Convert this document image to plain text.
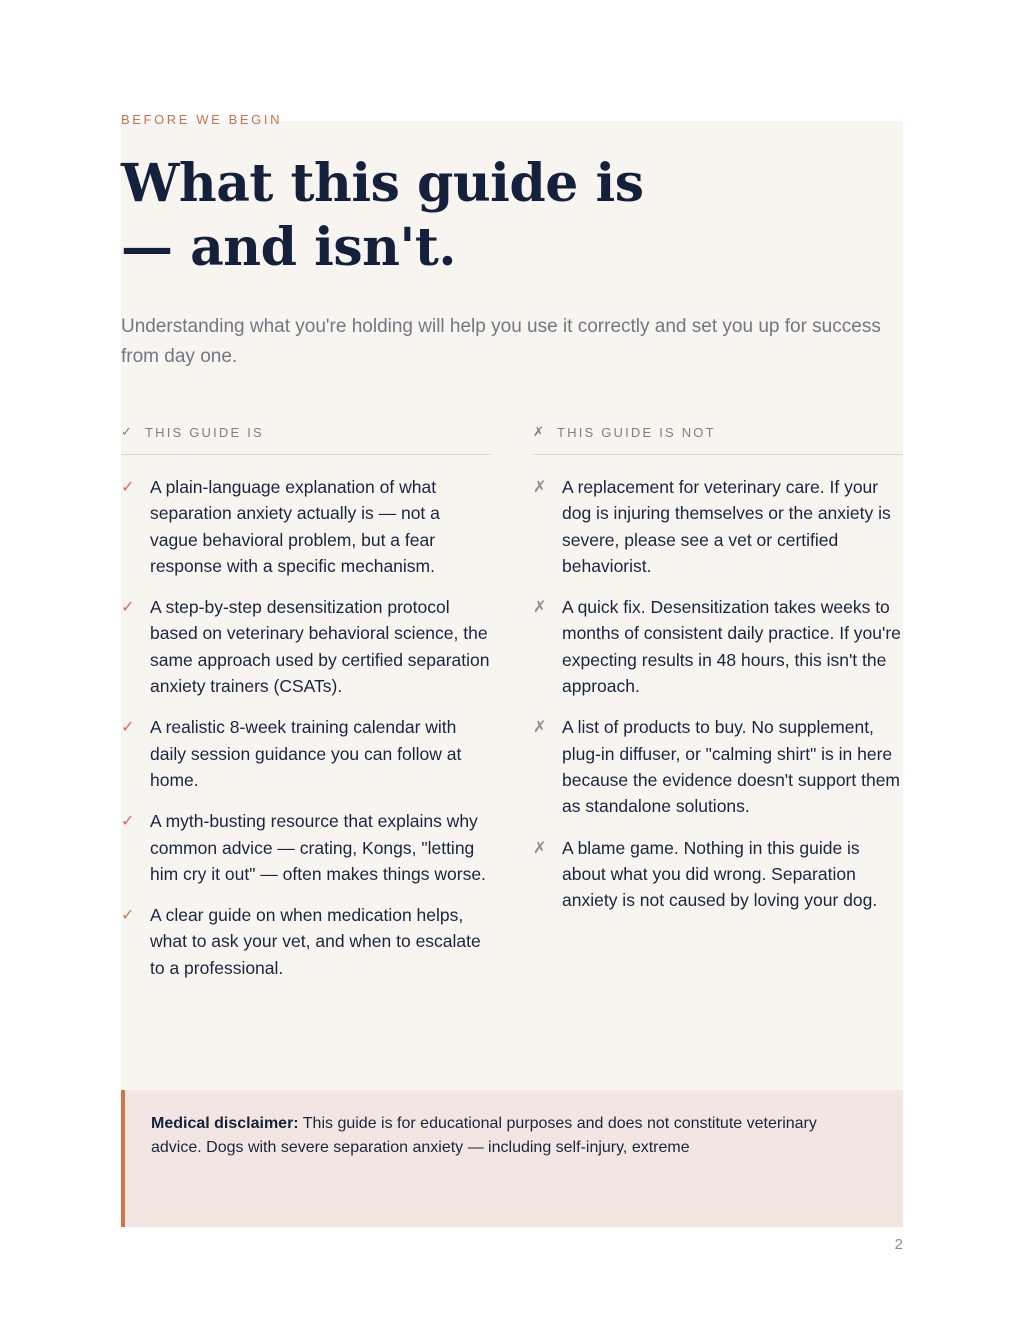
BEFORE WE BEGIN
What this guide is
— and isn't.

Understanding what you're holding will help you use it correctly and set you up for success from day one.

✓	THIS GUIDE IS
✓ A plain-language explanation of what separation anxiety actually is — not a vague behavioral problem, but a fear response with a specific mechanism.
✓ A step-by-step desensitization protocol based on veterinary behavioral science, the same approach used by certified separation anxiety trainers (CSATs).
✓ A realistic 8-week training calendar with daily session guidance you can follow at home.
✓ A myth-busting resource that explains why common advice — crating, Kongs, "letting him cry it out" — often makes things worse.
✓ A clear guide on when medication helps, what to ask your vet, and when to escalate to a professional.
✗	THIS GUIDE IS NOT
✗ A replacement for veterinary care. If your dog is injuring themselves or the anxiety is severe, please see a vet or certified behaviorist.
✗ A quick fix. Desensitization takes weeks to months of consistent daily practice. If you're expecting results in 48 hours, this isn't the approach.
✗ A list of products to buy. No supplement, plug-in diffuser, or "calming shirt" is in here because the evidence doesn't support them as standalone solutions.
✗ A blame game. Nothing in this guide is about what you did wrong. Separation anxiety is not caused by loving your dog.
Medical disclaimer: This guide is for educational purposes and does not constitute veterinary advice. Dogs with severe separation anxiety — including self-injury, extreme
2
